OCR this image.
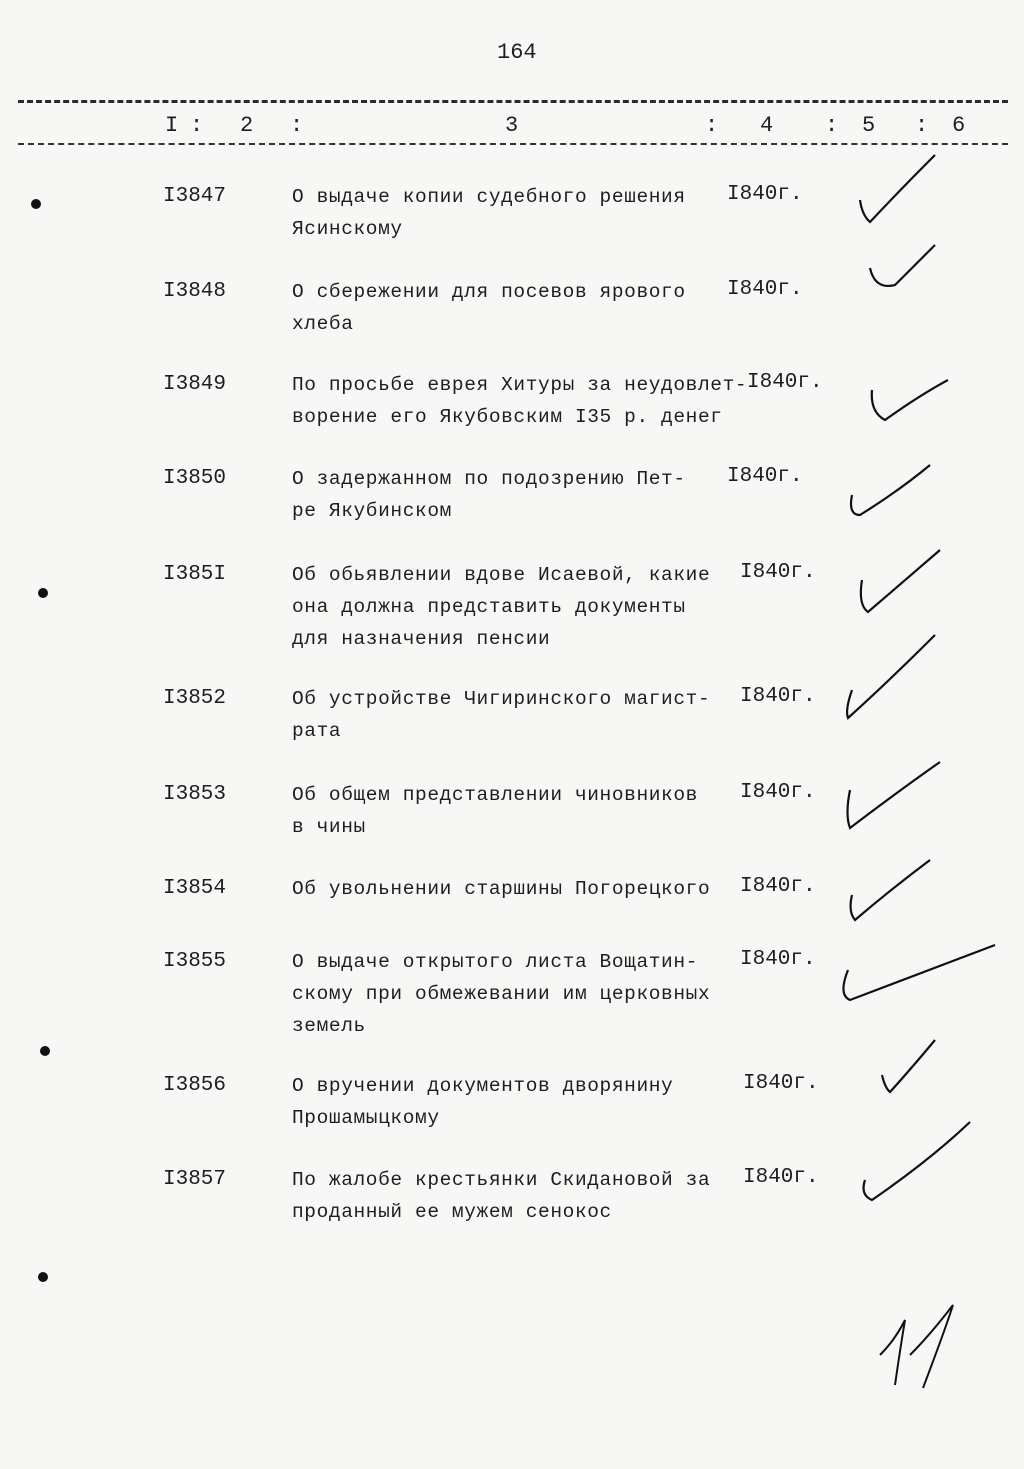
164
I : 2 :	3	: 4 : 5 : 6
I3847	О выдаче копии судебного решения
Ясинскому
I840г.
I3848	О сбережении для посевов ярового
хлеба
I840г.
I3849	По просьбе еврея Хитуры за неудовлет-
ворение его Якубовским I35 р. денег
I840г.
I3850	О задержанном по подозрению Пет-
ре Якубинском
I840г.
I385I	Об обьявлении вдове Исаевой, какие
она должна представить документы
для назначения пенсии
I840г.
I3852	Об устройстве Чигиринского магист-
рата
I840г.
I3853	Об общем представлении чиновников
в чины
I840г.
I3854	Об увольнении старшины Погорецкого I840г.
I3855	О выдаче открытого листа Вощатин-
скому при обмежевании им церковных
земель
I840г.
I3856	О вручении документов дворянину
Прошамыцкому
I840г.
I3857	По жалобе крестьянки Скидановой за
проданный ее мужем сенокос
I840г.
